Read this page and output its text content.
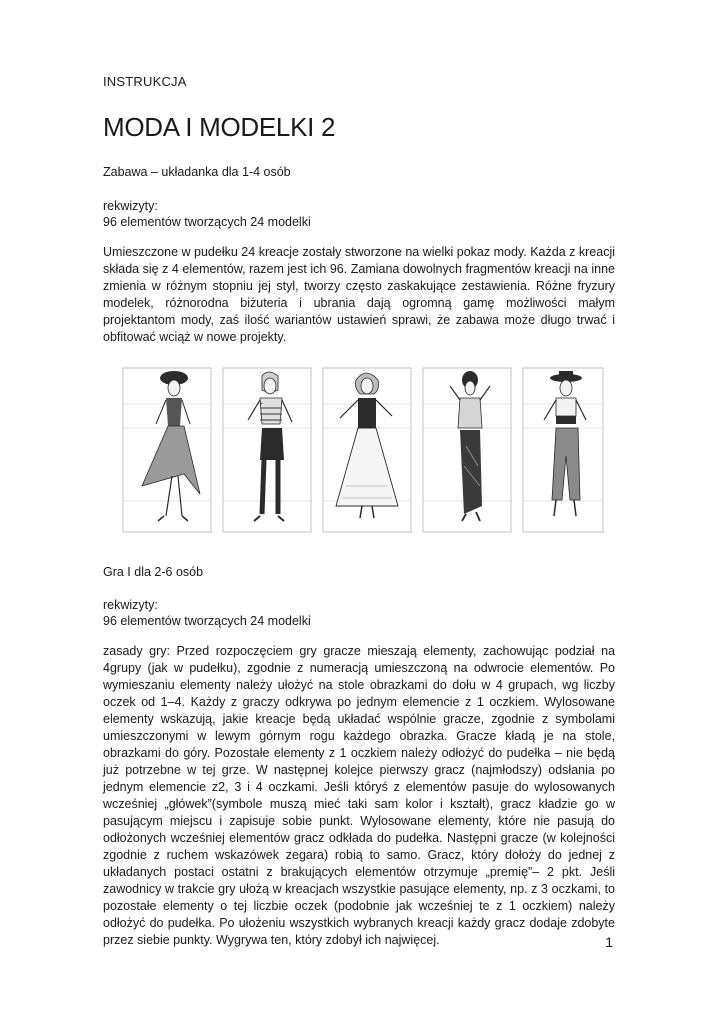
INSTRUKCJA
MODA I MODELKI 2
Zabawa – układanka dla 1-4 osób
rekwizyty:
96 elementów tworzących 24 modelki

Umieszczone w pudełku 24 kreacje zostały stworzone na wielki pokaz mody. Każda z kreacji składa się z 4 elementów, razem jest ich 96. Zamiana dowolnych fragmentów kreacji na inne zmienia w różnym stopniu jej styl, tworzy często zaskakujące zestawienia. Różne fryzury modelek, różnorodna biżuteria i ubrania dają ogromną gamę możliwości małym projektantom mody, zaś ilość wariantów ustawień sprawi, że zabawa może długo trwać i obfitować wciąż w nowe projekty.

Gra I dla 2-6 osób
rekwizyty:
96 elementów tworzących 24 modelki

zasady gry: Przed rozpoczęciem gry gracze mieszają elementy, zachowując podział na 4grupy (jak w pudełku), zgodnie z numeracją umieszczoną na odwrocie elementów. Po wymieszaniu elementy należy ułożyć na stole obrazkami do dołu w 4 grupach, wg liczby oczek od 1–4. Każdy z graczy odkrywa po jednym elemencie z 1 oczkiem. Wylosowane elementy wskazują, jakie kreacje będą układać wspólnie gracze, zgodnie z symbolami umieszczonymi w lewym górnym rogu każdego obrazka. Gracze kładą je na stole, obrazkami do góry. Pozostałe elementy z 1 oczkiem należy odłożyć do pudełka – nie będą już potrzebne w tej grze. W następnej kolejce pierwszy gracz (najmłodszy) odsłania po jednym elemencie z2, 3 i 4 oczkami. Jeśli któryś z elementów pasuje do wylosowanych wcześniej „główek”(symbole muszą mieć taki sam kolor i kształt), gracz kładzie go w pasującym miejscu i zapisuje sobie punkt. Wylosowane elementy, które nie pasują do odłożonych wcześniej elementów gracz odkłada do pudełka. Następni gracze (w kolejności zgodnie z ruchem wskazówek zegara) robią to samo. Gracz, który dołoży do jednej z układanych postaci ostatni z brakujących elementów otrzymuje „premię”– 2 pkt. Jeśli zawodnicy w trakcie gry ułożą w kreacjach wszystkie pasujące elementy, np. z 3 oczkami, to pozostałe elementy o tej liczbie oczek (podobnie jak wcześniej te z 1 oczkiem) należy odłożyć do pudełka. Po ułożeniu wszystkich wybranych kreacji każdy gracz dodaje zdobyte przez siebie punkty. Wygrywa ten, który zdobył ich najwięcej.	1
